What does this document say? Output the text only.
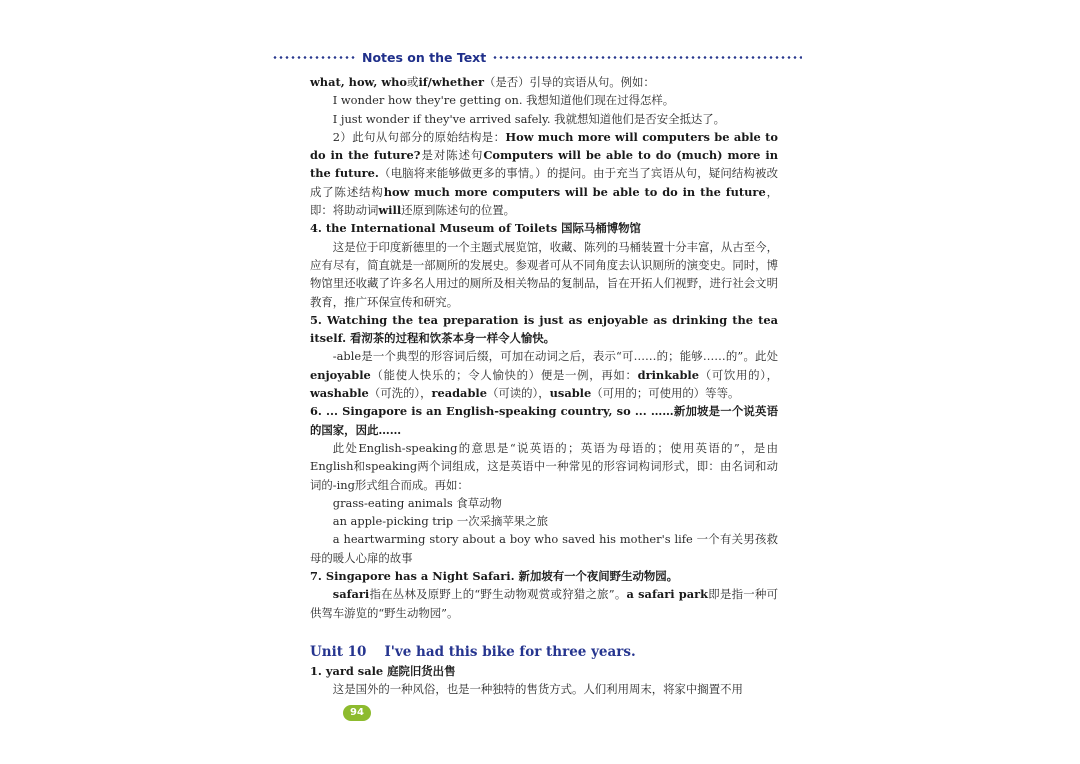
Notes on the Text

what, how, who或if/whether（是否）引导的宾语从句。例如：

I wonder how they're getting on. 我想知道他们现在过得怎样。

I just wonder if they've arrived safely. 我就想知道他们是否安全抵达了。

2）此句从句部分的原始结构是：How much more will computers be able to do in the future?是对陈述句Computers will be able to do (much) more in the future.（电脑将来能够做更多的事情。）的提问。由于充当了宾语从句，疑问结构被改成了陈述结构how much more computers will be able to do in the future，即：将助动词will还原到陈述句的位置。

4. the International Museum of Toilets 国际马桶博物馆

这是位于印度新德里的一个主题式展览馆，收藏、陈列的马桶装置十分丰富，从古至今，应有尽有，简直就是一部厕所的发展史。参观者可从不同角度去认识厕所的演变史。同时，博物馆里还收藏了许多名人用过的厕所及相关物品的复制品，旨在开拓人们视野，进行社会文明教育，推广环保宣传和研究。

5. Watching the tea preparation is just as enjoyable as drinking the tea itself. 看沏茶的过程和饮茶本身一样令人愉快。

-able是一个典型的形容词后缀，可加在动词之后，表示“可……的；能够……的”。此处enjoyable（能使人快乐的；令人愉快的）便是一例，再如：drinkable（可饮用的），washable（可洗的），readable（可读的），usable（可用的；可使用的）等等。

6. ... Singapore is an English-speaking country, so ... ……新加坡是一个说英语的国家，因此……

此处English-speaking的意思是“说英语的；英语为母语的；使用英语的”，是由English和speaking两个词组成，这是英语中一种常见的形容词构词形式，即：由名词和动词的-ing形式组合而成。再如：

grass-eating animals 食草动物

an apple-picking trip 一次采摘苹果之旅

a heartwarming story about a boy who saved his mother's life 一个有关男孩救母的暖人心扉的故事

7. Singapore has a Night Safari. 新加坡有一个夜间野生动物园。

safari指在丛林及原野上的“野生动物观赏或狩猎之旅”。a safari park即是指一种可供驾车游览的“野生动物园”。

Unit 10 I've had this bike for three years.

1. yard sale 庭院旧货出售

这是国外的一种风俗，也是一种独特的售货方式。人们利用周末，将家中搁置不用

94
